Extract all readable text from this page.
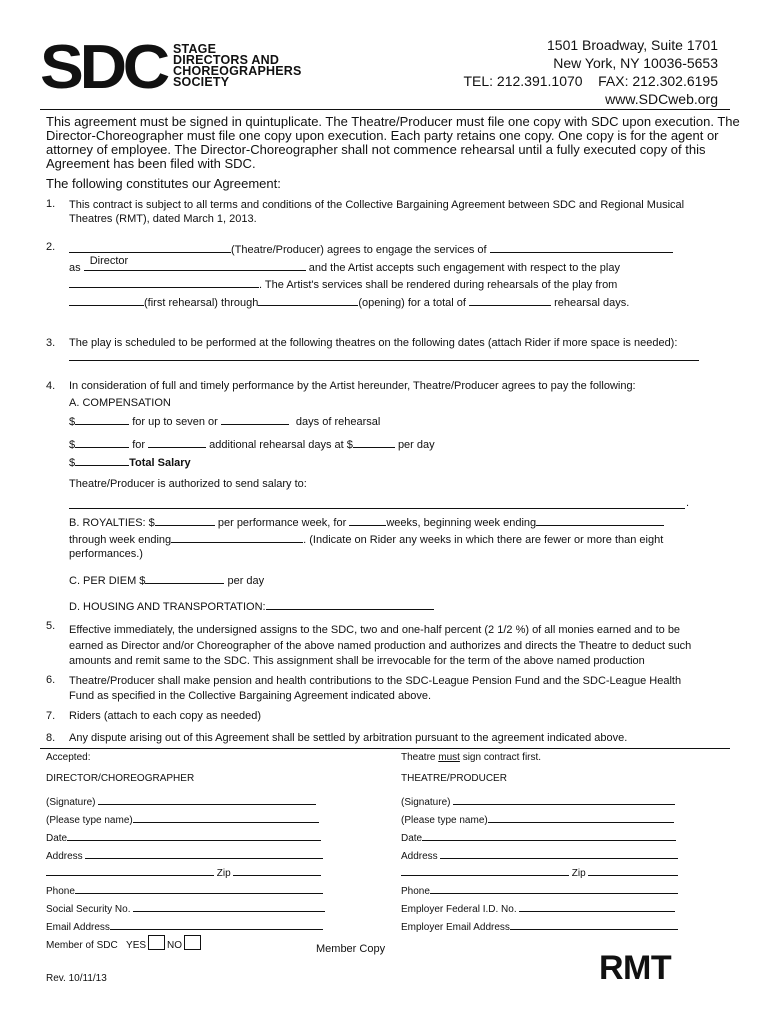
SDC STAGE
DIRECTORS AND
CHOREOGRAPHERS
SOCIETY
1501 Broadway, Suite 1701
New York, NY 10036-5653
TEL: 212.391.1070    FAX: 212.302.6195
www.SDCweb.org
This agreement must be signed in quintuplicate. The Theatre/Producer must file one copy with SDC upon execution. The
Director-Choreographer must file one copy upon execution. Each party retains one copy. One copy is for the agent or
attorney of employee. The Director-Choreographer shall not commence rehearsal until a fully executed copy of this
Agreement has been filed with SDC.
The following constitutes our Agreement:
1. This contract is subject to all terms and conditions of the Collective Bargaining Agreement between SDC and Regional Musical
Theatres (RMT), dated March 1, 2013.
2.	(Theatre/Producer) agrees to engage the services of
as
Director
and the Artist accepts such engagement with respect to the play
. The Artist's services shall be rendered during rehearsals of the play from
(first rehearsal) through	(opening) for a total of	rehearsal days.
3. The play is scheduled to be performed at the following theatres on the following dates (attach Rider if more space is needed):
4. In consideration of full and timely performance by the Artist hereunder, Theatre/Producer agrees to pay the following:
A. COMPENSATION
$	for up to seven or	days of rehearsal
$	for	additional rehearsal days at $	per day
$	Total Salary
Theatre/Producer is authorized to send salary to:
.
B. ROYALTIES: $	per performance week, for	weeks, beginning week ending
through week ending	. (Indicate on Rider any weeks in which there are fewer or more than eight
performances.)
C. PER DIEM $	per day
D. HOUSING AND TRANSPORTATION:
5. Effective immediately, the undersigned assigns to the SDC, two and one-half percent (2 1/2 %) of all monies earned and to be
earned as Director and/or Choreographer of the above named production and authorizes and directs the Theatre to deduct such
amounts and remit same to the SDC. This assignment shall be irrevocable for the term of the above named production
6. Theatre/Producer shall make pension and health contributions to the SDC-League Pension Fund and the SDC-League Health
Fund as specified in the Collective Bargaining Agreement indicated above.
7. Riders (attach to each copy as needed)
8. Any dispute arising out of this Agreement shall be settled by arbitration pursuant to the agreement indicated above.
Accepted:
DIRECTOR/CHOREOGRAPHER
(Signature)
(Please type name)
Date
Address
Zip
Phone
Social Security No.
Email Address
Member of SDC YES NO
Theatre must sign contract first.
THEATRE/PRODUCER
(Signature)
(Please type name)
Date
Address
Zip
Phone
Employer Federal I.D. No.
Employer Email Address
Member Copy
Rev. 10/11/13	RMT
